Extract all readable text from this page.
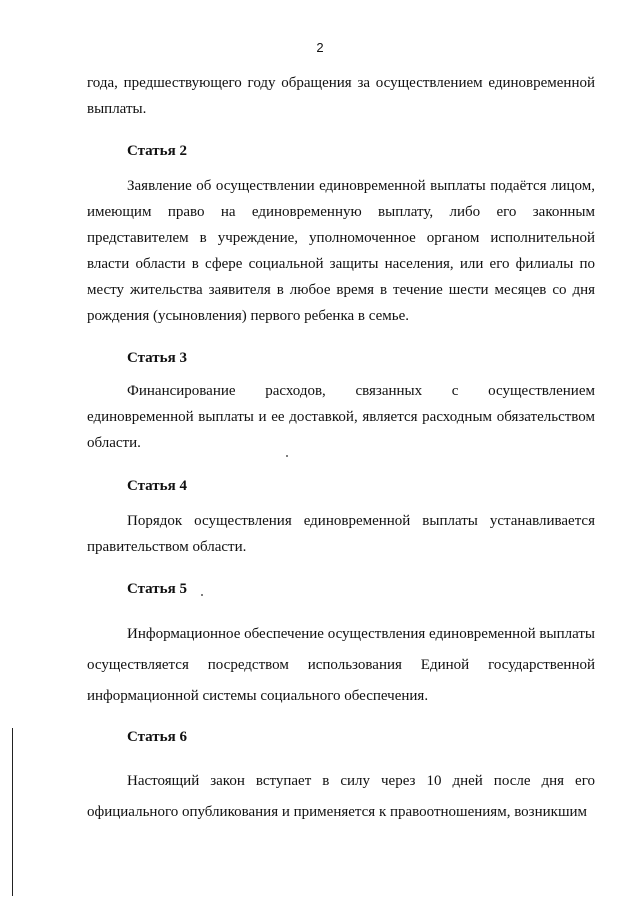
2

года, предшествующего году обращения за осуществлением единовременной выплаты.

Статья 2

Заявление об осуществлении единовременной выплаты подаётся лицом, имеющим право на единовременную выплату, либо его законным представителем в учреждение, уполномоченное органом исполнительной власти области в сфере социальной защиты населения, или его филиалы по месту жительства заявителя в любое время в течение шести месяцев со дня рождения (усыновления) первого ребенка в семье.

Статья 3

Финансирование расходов, связанных с осуществлением единовременной выплаты и ее доставкой, является расходным обязательством области.

Статья 4

Порядок осуществления единовременной выплаты устанавливается правительством области.

Статья 5

Информационное обеспечение осуществления единовременной выплаты осуществляется посредством использования Единой государственной информационной системы социального обеспечения.

Статья 6

Настоящий закон вступает в силу через 10 дней после дня его официального опубликования и применяется к правоотношениям, возникшим
